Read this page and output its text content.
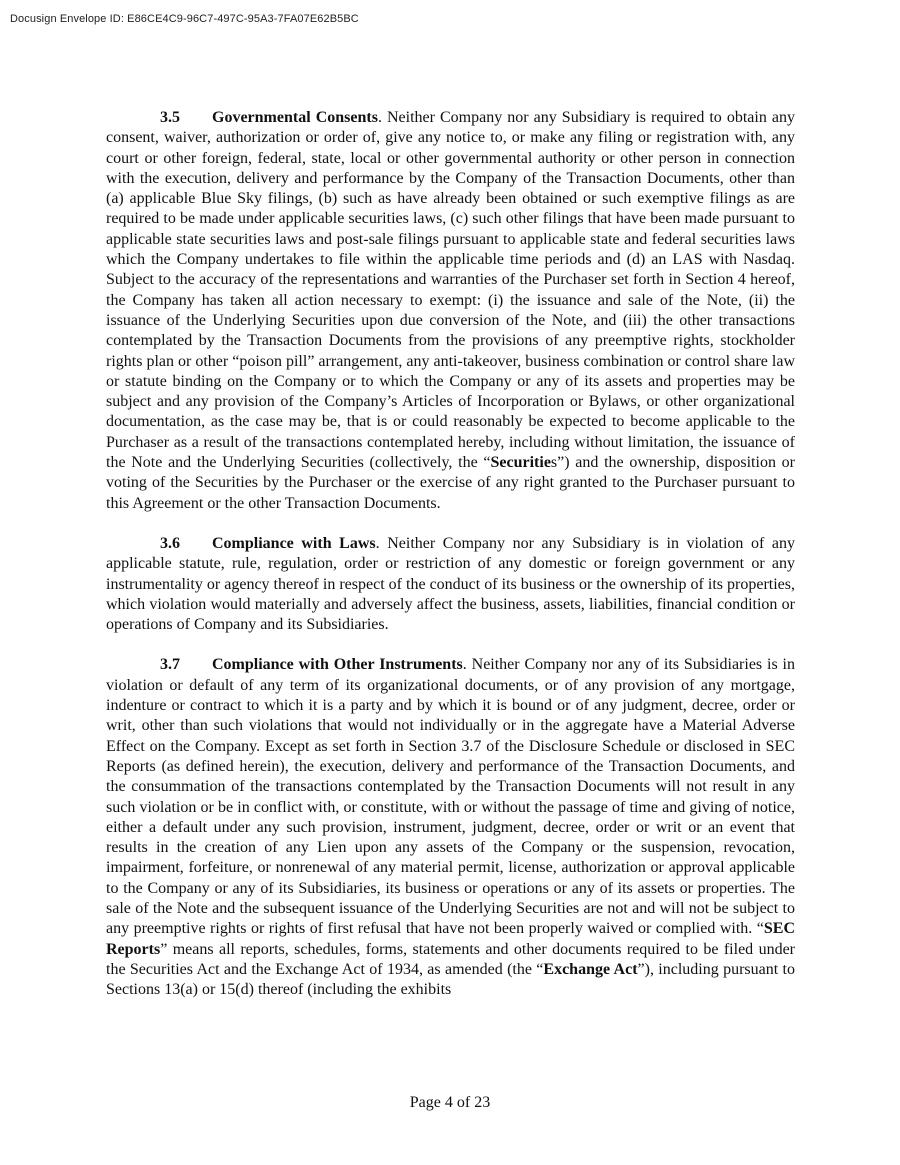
Docusign Envelope ID: E86CE4C9-96C7-497C-95A3-7FA07E62B5BC

3.5 Governmental Consents. Neither Company nor any Subsidiary is required to obtain any consent, waiver, authorization or order of, give any notice to, or make any filing or registration with, any court or other foreign, federal, state, local or other governmental authority or other person in connection with the execution, delivery and performance by the Company of the Transaction Documents, other than (a) applicable Blue Sky filings, (b) such as have already been obtained or such exemptive filings as are required to be made under applicable securities laws, (c) such other filings that have been made pursuant to applicable state securities laws and post-sale filings pursuant to applicable state and federal securities laws which the Company undertakes to file within the applicable time periods and (d) an LAS with Nasdaq. Subject to the accuracy of the representations and warranties of the Purchaser set forth in Section 4 hereof, the Company has taken all action necessary to exempt: (i) the issuance and sale of the Note, (ii) the issuance of the Underlying Securities upon due conversion of the Note, and (iii) the other transactions contemplated by the Transaction Documents from the provisions of any preemptive rights, stockholder rights plan or other “poison pill” arrangement, any anti-takeover, business combination or control share law or statute binding on the Company or to which the Company or any of its assets and properties may be subject and any provision of the Company’s Articles of Incorporation or Bylaws, or other organizational documentation, as the case may be, that is or could reasonably be expected to become applicable to the Purchaser as a result of the transactions contemplated hereby, including without limitation, the issuance of the Note and the Underlying Securities (collectively, the “Securities”) and the ownership, disposition or voting of the Securities by the Purchaser or the exercise of any right granted to the Purchaser pursuant to this Agreement or the other Transaction Documents.

3.6 Compliance with Laws. Neither Company nor any Subsidiary is in violation of any applicable statute, rule, regulation, order or restriction of any domestic or foreign government or any instrumentality or agency thereof in respect of the conduct of its business or the ownership of its properties, which violation would materially and adversely affect the business, assets, liabilities, financial condition or operations of Company and its Subsidiaries.

3.7 Compliance with Other Instruments. Neither Company nor any of its Subsidiaries is in violation or default of any term of its organizational documents, or of any provision of any mortgage, indenture or contract to which it is a party and by which it is bound or of any judgment, decree, order or writ, other than such violations that would not individually or in the aggregate have a Material Adverse Effect on the Company. Except as set forth in Section 3.7 of the Disclosure Schedule or disclosed in SEC Reports (as defined herein), the execution, delivery and performance of the Transaction Documents, and the consummation of the transactions contemplated by the Transaction Documents will not result in any such violation or be in conflict with, or constitute, with or without the passage of time and giving of notice, either a default under any such provision, instrument, judgment, decree, order or writ or an event that results in the creation of any Lien upon any assets of the Company or the suspension, revocation, impairment, forfeiture, or nonrenewal of any material permit, license, authorization or approval applicable to the Company or any of its Subsidiaries, its business or operations or any of its assets or properties. The sale of the Note and the subsequent issuance of the Underlying Securities are not and will not be subject to any preemptive rights or rights of first refusal that have not been properly waived or complied with. “SEC Reports” means all reports, schedules, forms, statements and other documents required to be filed under the Securities Act and the Exchange Act of 1934, as amended (the “Exchange Act”), including pursuant to Sections 13(a) or 15(d) thereof (including the exhibits

Page 4 of 23
